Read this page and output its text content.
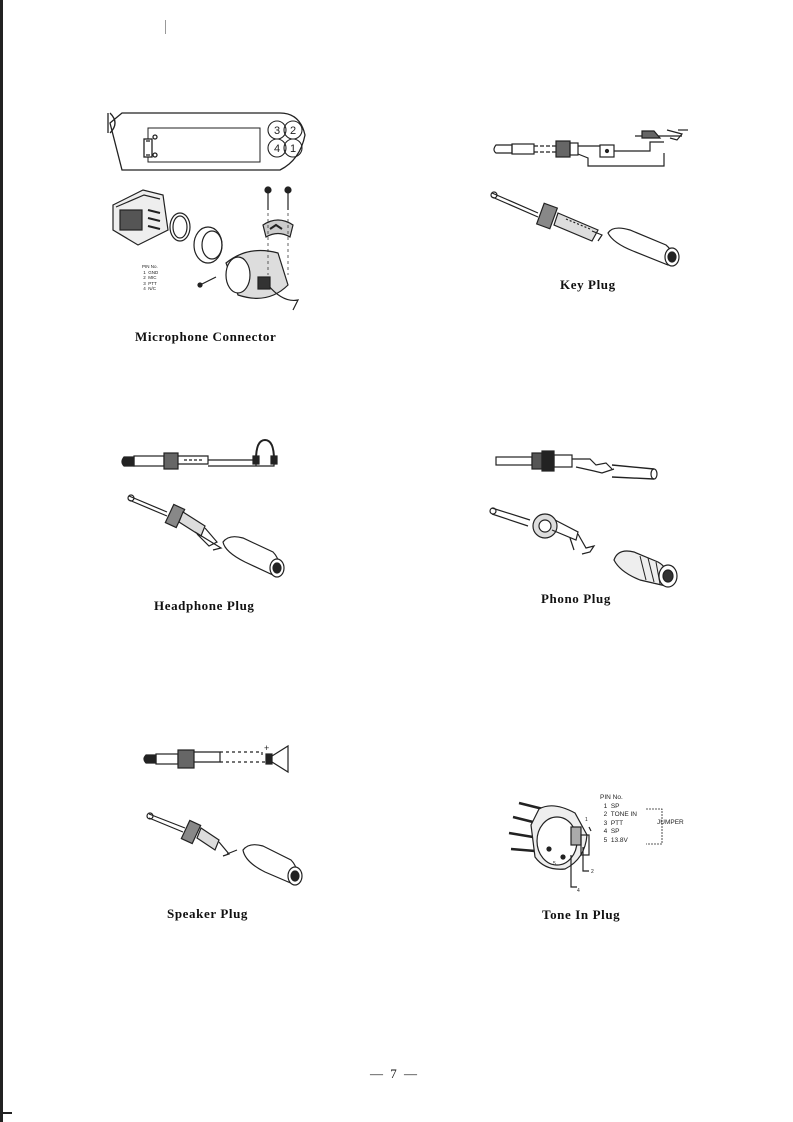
3 2
4 1
PIN No.
1  GND
2  MIC
3  PTT
4  N/C
Microphone Connector
Key Plug
Headphone Plug	Phono Plug
+
Speaker Plug
1
2
4
5
PIN No.
1  SP
2  TONE IN
3  PTT
4  SP
5  13.8V
JUMPER
Tone In Plug
— 7 —
